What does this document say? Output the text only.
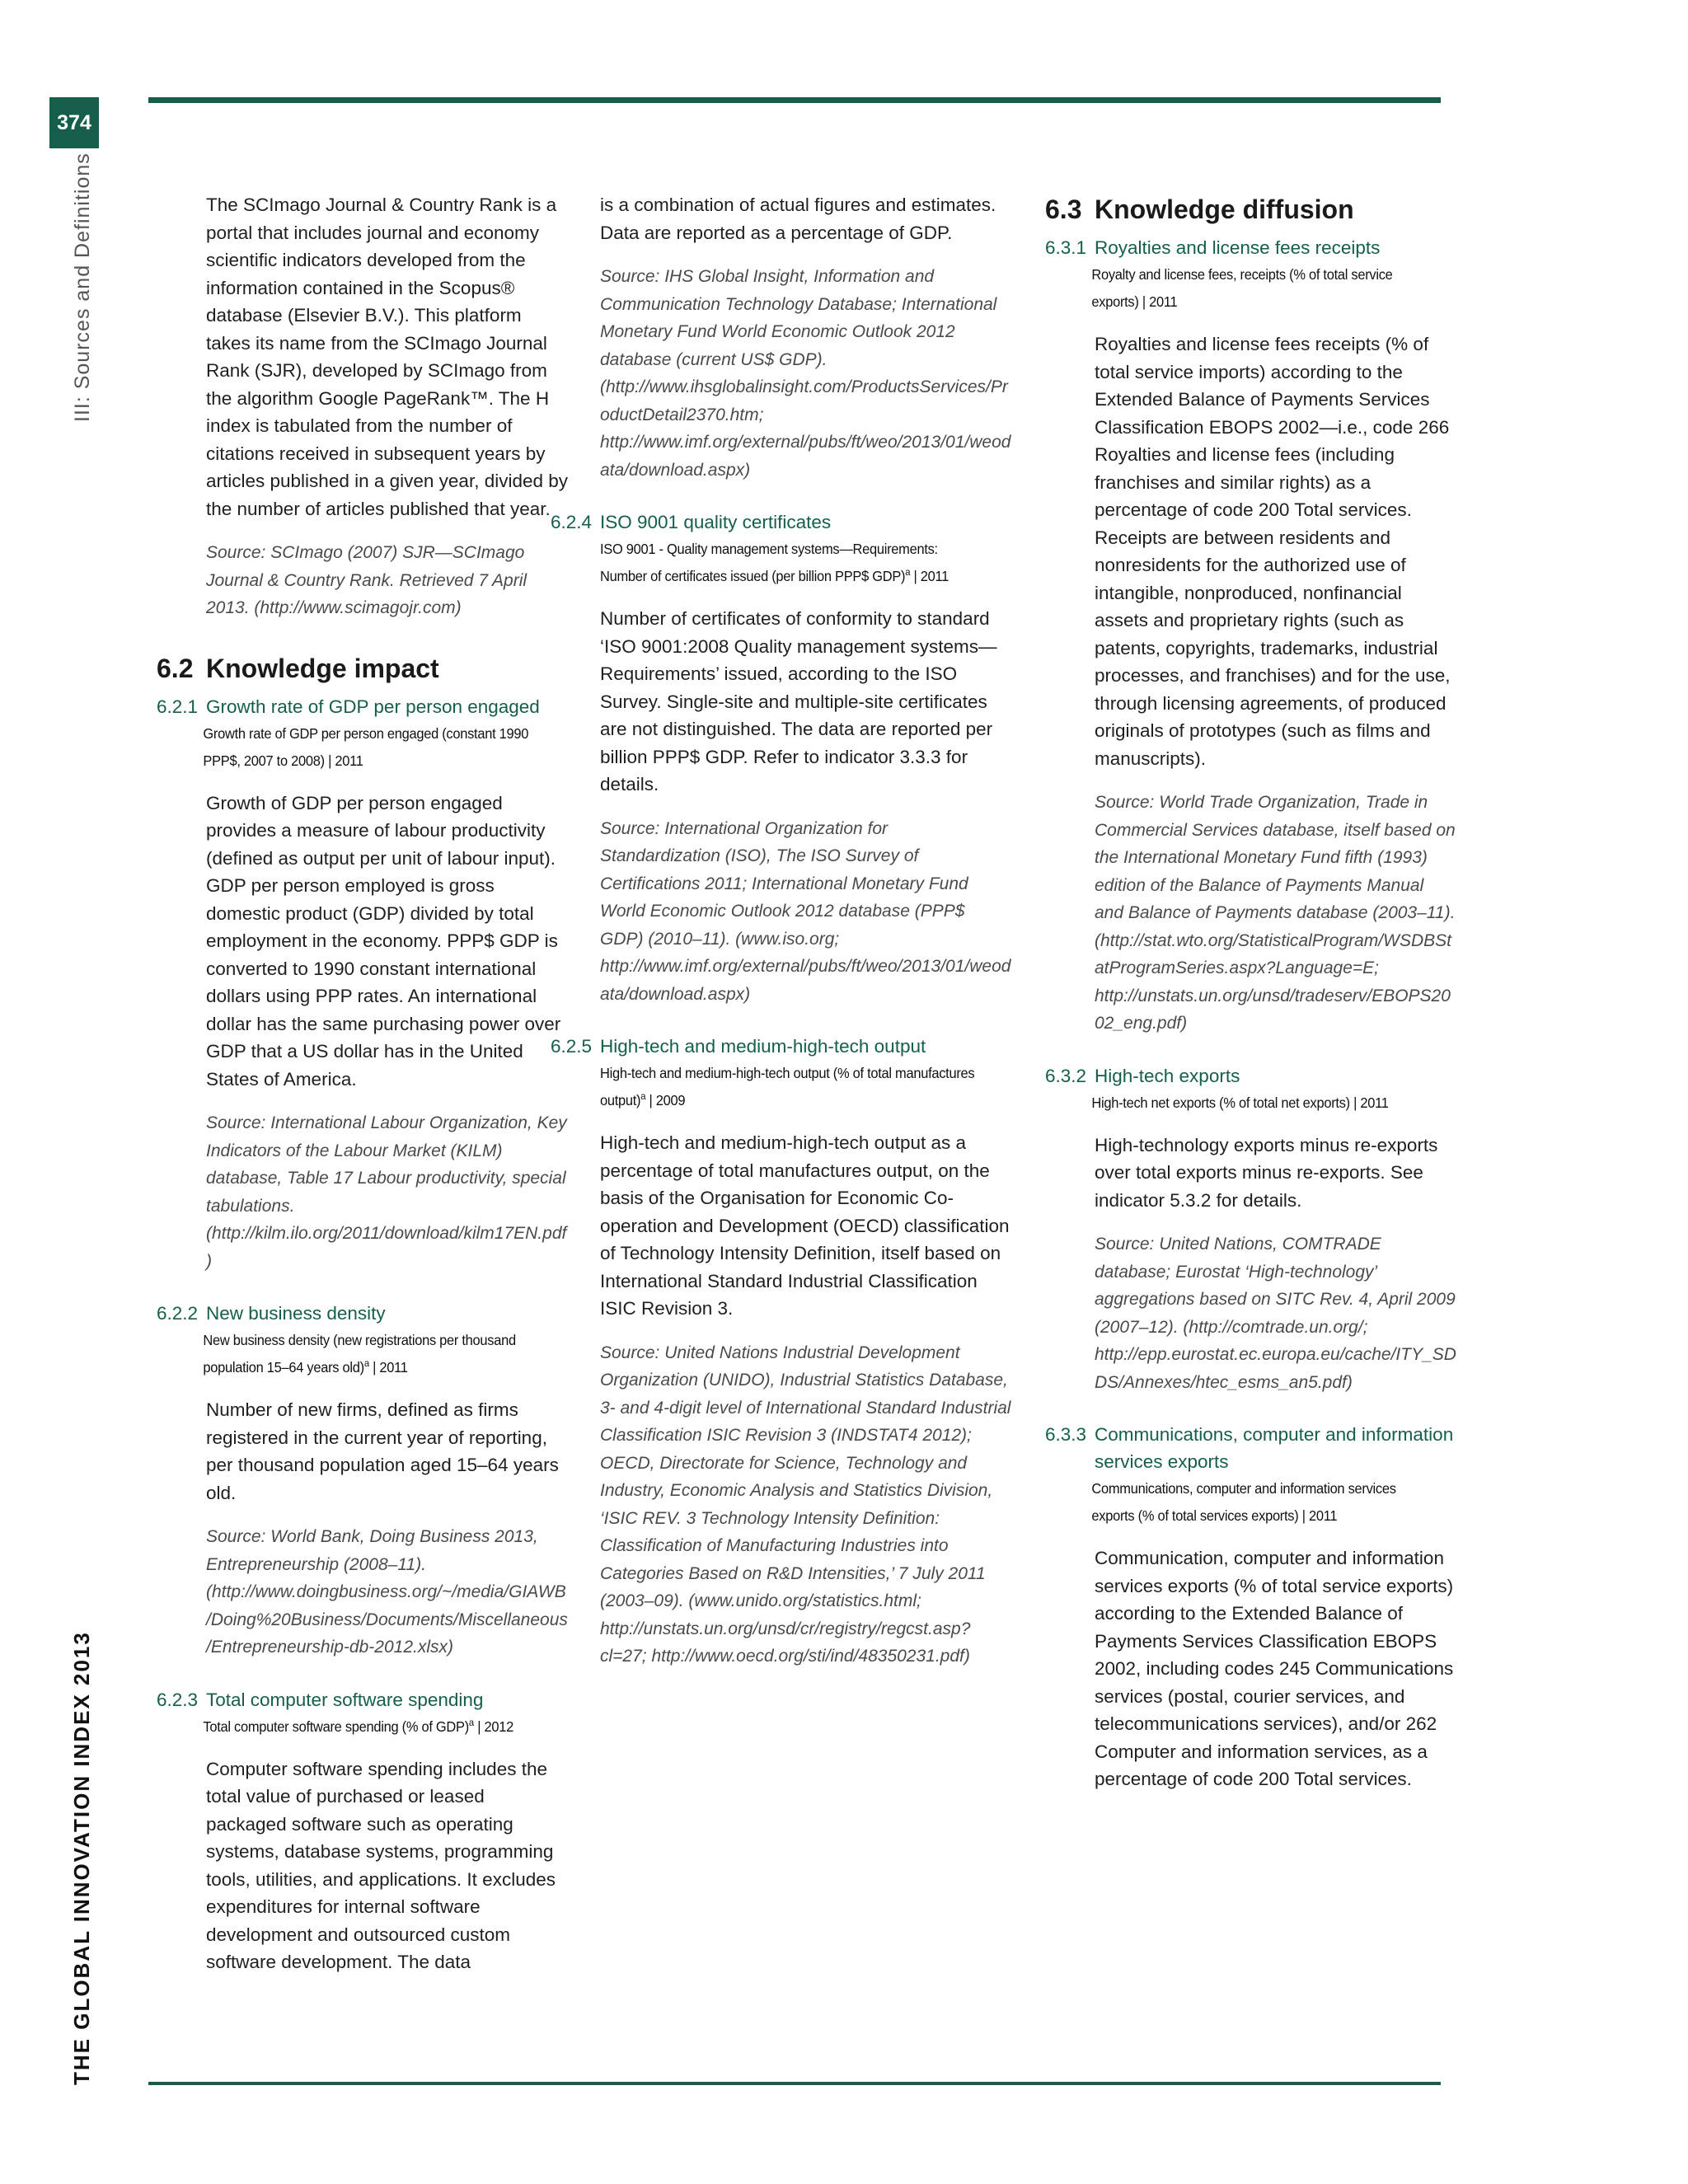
374
III: Sources and Definitions
THE GLOBAL INNOVATION INDEX 2013

The SCImago Journal & Country Rank is a portal that includes journal and economy scientific indicators developed from the information contained in the Scopus® database (Elsevier B.V.). This platform takes its name from the SCImago Journal Rank (SJR), developed by SCImago from the algorithm Google PageRank™. The H index is tabulated from the number of citations received in subsequent years by articles published in a given year, divided by the number of articles published that year.

Source: SCImago (2007) SJR—SCImago Journal & Country Rank. Retrieved 7 April 2013. (http://www.scimagojr.com)

6.2 Knowledge impact
6.2.1 Growth rate of GDP per person engaged
Growth rate of GDP per person engaged (constant 1990 PPP$, 2007 to 2008) | 2011

Growth of GDP per person engaged provides a measure of labour productivity (defined as output per unit of labour input). GDP per person employed is gross domestic product (GDP) divided by total employment in the economy. PPP$ GDP is converted to 1990 constant international dollars using PPP rates. An international dollar has the same purchasing power over GDP that a US dollar has in the United States of America.

Source: International Labour Organization, Key Indicators of the Labour Market (KILM) database, Table 17 Labour productivity, special tabulations. (http://kilm.ilo.org/2011/download/kilm17EN.pdf)

6.2.2 New business density
New business density (new registrations per thousand population 15–64 years old)$^a$ | 2011

Number of new firms, defined as firms registered in the current year of reporting, per thousand population aged 15–64 years old.

Source: World Bank, Doing Business 2013, Entrepreneurship (2008–11). (http://www.doingbusiness.org/~/media/GIAWB/Doing%20Business/Documents/Miscellaneous/Entrepreneurship-db-2012.xlsx)

6.2.3 Total computer software spending
Total computer software spending (% of GDP)$^a$ | 2012

Computer software spending includes the total value of purchased or leased packaged software such as operating systems, database systems, programming tools, utilities, and applications. It excludes expenditures for internal software development and outsourced custom software development. The data

is a combination of actual figures and estimates. Data are reported as a percentage of GDP.

Source: IHS Global Insight, Information and Communication Technology Database; International Monetary Fund World Economic Outlook 2012 database (current US$ GDP). (http://www.ihsglobalinsight.com/ProductsServices/ProductDetail2370.htm; http://www.imf.org/external/pubs/ft/weo/2013/01/weodata/download.aspx)

6.2.4 ISO 9001 quality certificates
ISO 9001 - Quality management systems—Requirements: Number of certificates issued (per billion PPP$ GDP)$^a$ | 2011

Number of certificates of conformity to standard ‘ISO 9001:2008 Quality management systems—Requirements’ issued, according to the ISO Survey. Single-site and multiple-site certificates are not distinguished. The data are reported per billion PPP$ GDP. Refer to indicator 3.3.3 for details.

Source: International Organization for Standardization (ISO), The ISO Survey of Certifications 2011; International Monetary Fund World Economic Outlook 2012 database (PPP$ GDP) (2010–11). (www.iso.org; http://www.imf.org/external/pubs/ft/weo/2013/01/weodata/download.aspx)

6.2.5 High-tech and medium-high-tech output
High-tech and medium-high-tech output (% of total manufactures output)$^a$ | 2009

High-tech and medium-high-tech output as a percentage of total manufactures output, on the basis of the Organisation for Economic Co-operation and Development (OECD) classification of Technology Intensity Definition, itself based on International Standard Industrial Classification ISIC Revision 3.

Source: United Nations Industrial Development Organization (UNIDO), Industrial Statistics Database, 3- and 4-digit level of International Standard Industrial Classification ISIC Revision 3 (INDSTAT4 2012); OECD, Directorate for Science, Technology and Industry, Economic Analysis and Statistics Division, ‘ISIC REV. 3 Technology Intensity Definition: Classification of Manufacturing Industries into Categories Based on R&D Intensities,’ 7 July 2011 (2003–09). (www.unido.org/statistics.html; http://unstats.un.org/unsd/cr/registry/regcst.asp?cl=27; http://www.oecd.org/sti/ind/48350231.pdf)

6.3 Knowledge diffusion
6.3.1 Royalties and license fees receipts
Royalty and license fees, receipts (% of total service exports) | 2011

Royalties and license fees receipts (% of total service imports) according to the Extended Balance of Payments Services Classification EBOPS 2002—i.e., code 266 Royalties and license fees (including franchises and similar rights) as a percentage of code 200 Total services. Receipts are between residents and nonresidents for the authorized use of intangible, nonproduced, nonfinancial assets and proprietary rights (such as patents, copyrights, trademarks, industrial processes, and franchises) and for the use, through licensing agreements, of produced originals of prototypes (such as films and manuscripts).

Source: World Trade Organization, Trade in Commercial Services database, itself based on the International Monetary Fund fifth (1993) edition of the Balance of Payments Manual and Balance of Payments database (2003–11). (http://stat.wto.org/StatisticalProgram/WSDBStatProgramSeries.aspx?Language=E; http://unstats.un.org/unsd/tradeserv/EBOPS2002_eng.pdf)

6.3.2 High-tech exports
High-tech net exports (% of total net exports) | 2011

High-technology exports minus re-exports over total exports minus re-exports. See indicator 5.3.2 for details.

Source: United Nations, COMTRADE database; Eurostat ‘High-technology’ aggregations based on SITC Rev. 4, April 2009 (2007–12). (http://comtrade.un.org/; http://epp.eurostat.ec.europa.eu/cache/ITY_SDDS/Annexes/htec_esms_an5.pdf)

6.3.3 Communications, computer and information services exports
Communications, computer and information services exports (% of total services exports) | 2011

Communication, computer and information services exports (% of total service exports) according to the Extended Balance of Payments Services Classification EBOPS 2002, including codes 245 Communications services (postal, courier services, and telecommunications services), and/or 262 Computer and information services, as a percentage of code 200 Total services.
